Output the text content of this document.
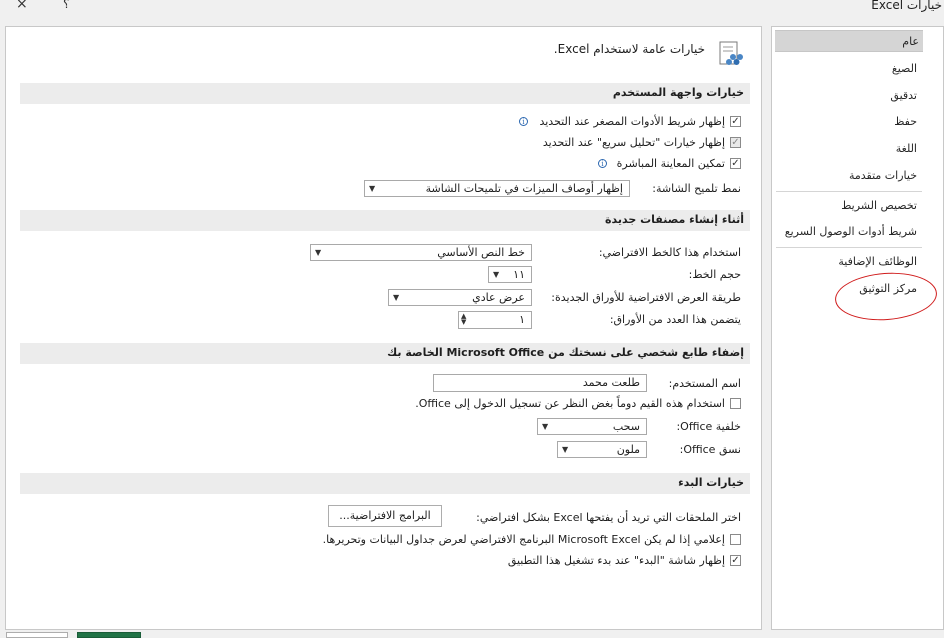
خيارات Excel
×	؟
عام
الصيغ
تدقيق
حفظ
اللغة
خيارات متقدمة
تخصيص الشريط
شريط أدوات الوصول السريع
الوظائف الإضافية
مركز التوثيق
خيارات عامة لاستخدام Excel.
خيارات واجهة المستخدم
✓
إظهار شريط الأدوات المصغر عند التحديد
i
✓
إظهار خيارات "تحليل سريع" عند التحديد
✓
تمكين المعاينة المباشرة
i
نمط تلميح الشاشة:
إظهار أوصاف الميزات في تلميحات الشاشة
▼
أثناء إنشاء مصنفات جديدة
استخدام هذا كالخط الافتراضي:
خط النص الأساسي
▼
حجم الخط:
١١
▼
طريقة العرض الافتراضية للأوراق الجديدة:
عرض عادي
▼
يتضمن هذا العدد من الأوراق:
١
▲
▼
إضفاء طابع شخصي على نسختك من Microsoft Office الخاصة بك
اسم المستخدم:
طلعت محمد
استخدام هذه القيم دوماً بغض النظر عن تسجيل الدخول إلى Office.
خلفية Office:
سحب
▼
نسق Office:
ملون
▼
خيارات البدء
اختر الملحقات التي تريد أن يفتحها Excel بشكل افتراضي:
البرامج الافتراضية...
إعلامي إذا لم يكن Microsoft Excel البرنامج الافتراضي لعرض جداول البيانات وتحريرها.
✓
إظهار شاشة "البدء" عند بدء تشغيل هذا التطبيق
